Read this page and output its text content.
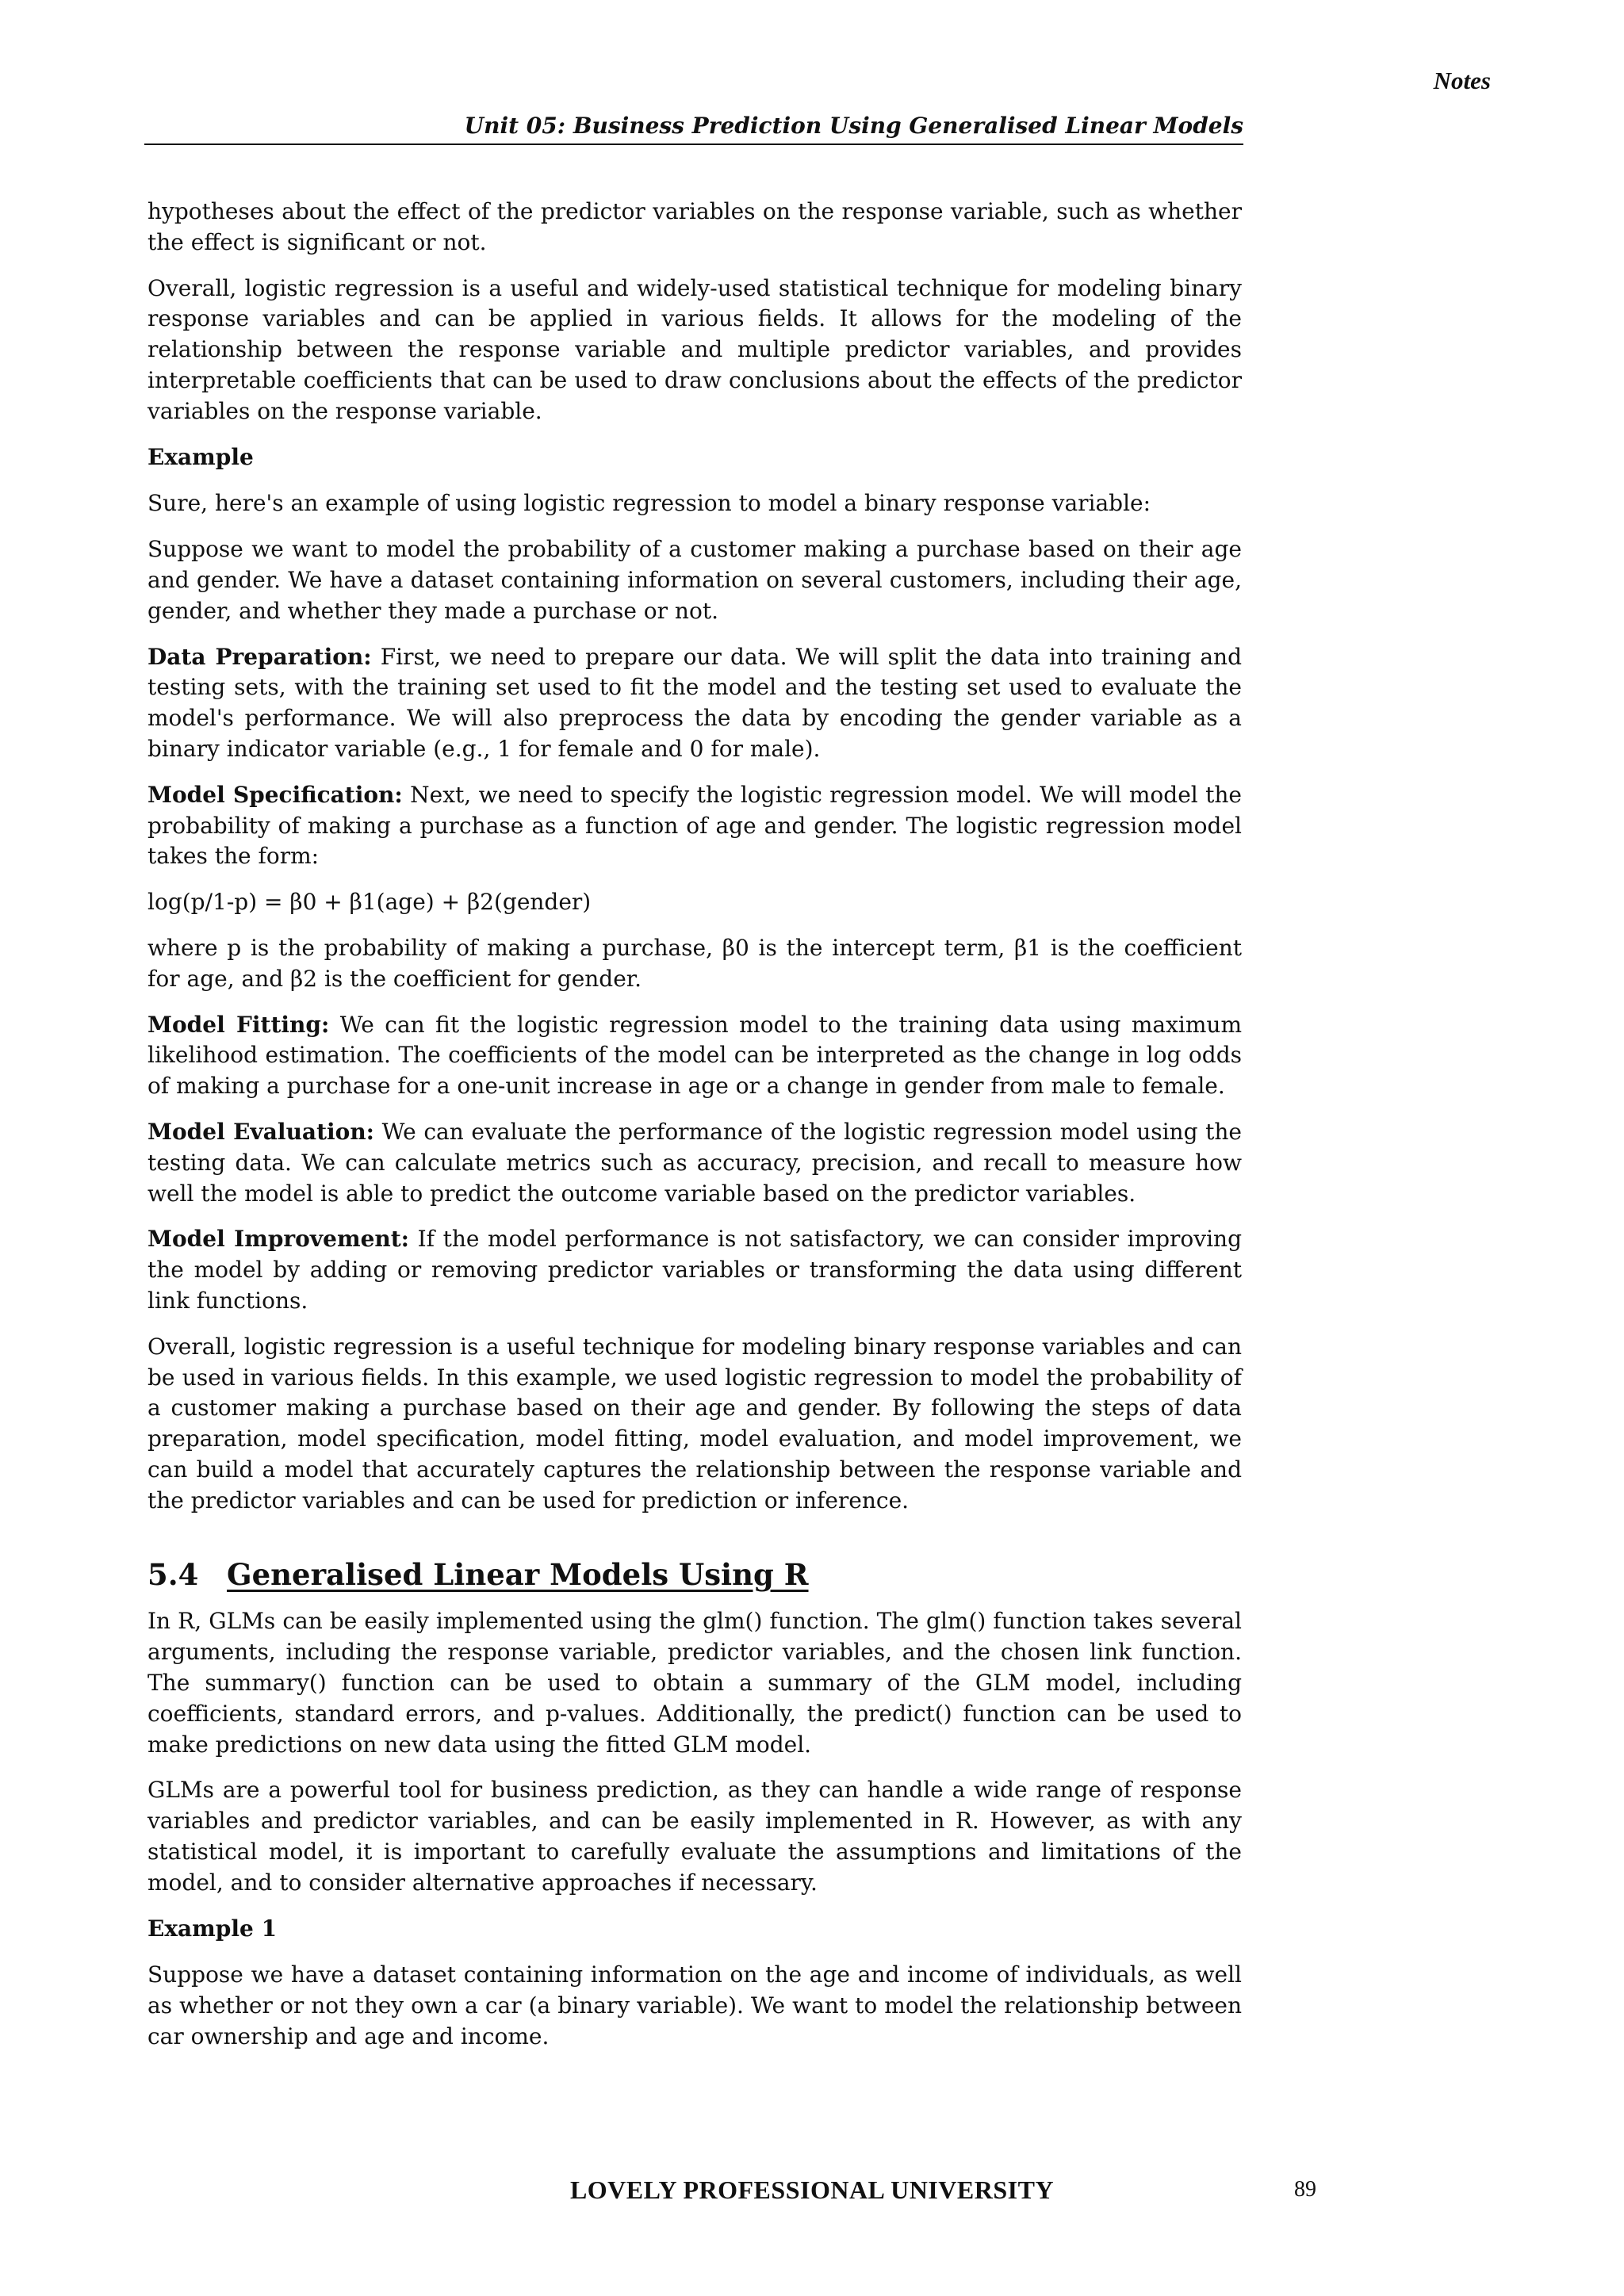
Notes
Unit 05: Business Prediction Using Generalised Linear Models

hypotheses about the effect of the predictor variables on the response variable, such as whether the effect is significant or not.

Overall, logistic regression is a useful and widely-used statistical technique for modeling binary response variables and can be applied in various fields. It allows for the modeling of the relationship between the response variable and multiple predictor variables, and provides interpretable coefficients that can be used to draw conclusions about the effects of the predictor variables on the response variable.

Example

Sure, here's an example of using logistic regression to model a binary response variable:

Suppose we want to model the probability of a customer making a purchase based on their age and gender. We have a dataset containing information on several customers, including their age, gender, and whether they made a purchase or not.

Data Preparation: First, we need to prepare our data. We will split the data into training and testing sets, with the training set used to fit the model and the testing set used to evaluate the model's performance. We will also preprocess the data by encoding the gender variable as a binary indicator variable (e.g., 1 for female and 0 for male).

Model Specification: Next, we need to specify the logistic regression model. We will model the probability of making a purchase as a function of age and gender. The logistic regression model takes the form:

log(p/1-p) = β0 + β1(age) + β2(gender)

where p is the probability of making a purchase, β0 is the intercept term, β1 is the coefficient for age, and β2 is the coefficient for gender.

Model Fitting: We can fit the logistic regression model to the training data using maximum likelihood estimation. The coefficients of the model can be interpreted as the change in log odds of making a purchase for a one-unit increase in age or a change in gender from male to female.

Model Evaluation: We can evaluate the performance of the logistic regression model using the testing data. We can calculate metrics such as accuracy, precision, and recall to measure how well the model is able to predict the outcome variable based on the predictor variables.

Model Improvement: If the model performance is not satisfactory, we can consider improving the model by adding or removing predictor variables or transforming the data using different link functions.

Overall, logistic regression is a useful technique for modeling binary response variables and can be used in various fields. In this example, we used logistic regression to model the probability of a customer making a purchase based on their age and gender. By following the steps of data preparation, model specification, model fitting, model evaluation, and model improvement, we can build a model that accurately captures the relationship between the response variable and the predictor variables and can be used for prediction or inference.

5.4 Generalised Linear Models Using R

In R, GLMs can be easily implemented using the glm() function. The glm() function takes several arguments, including the response variable, predictor variables, and the chosen link function. The summary() function can be used to obtain a summary of the GLM model, including coefficients, standard errors, and p-values. Additionally, the predict() function can be used to make predictions on new data using the fitted GLM model.

GLMs are a powerful tool for business prediction, as they can handle a wide range of response variables and predictor variables, and can be easily implemented in R. However, as with any statistical model, it is important to carefully evaluate the assumptions and limitations of the model, and to consider alternative approaches if necessary.

Example 1

Suppose we have a dataset containing information on the age and income of individuals, as well as whether or not they own a car (a binary variable). We want to model the relationship between car ownership and age and income.

LOVELY PROFESSIONAL UNIVERSITY	89
